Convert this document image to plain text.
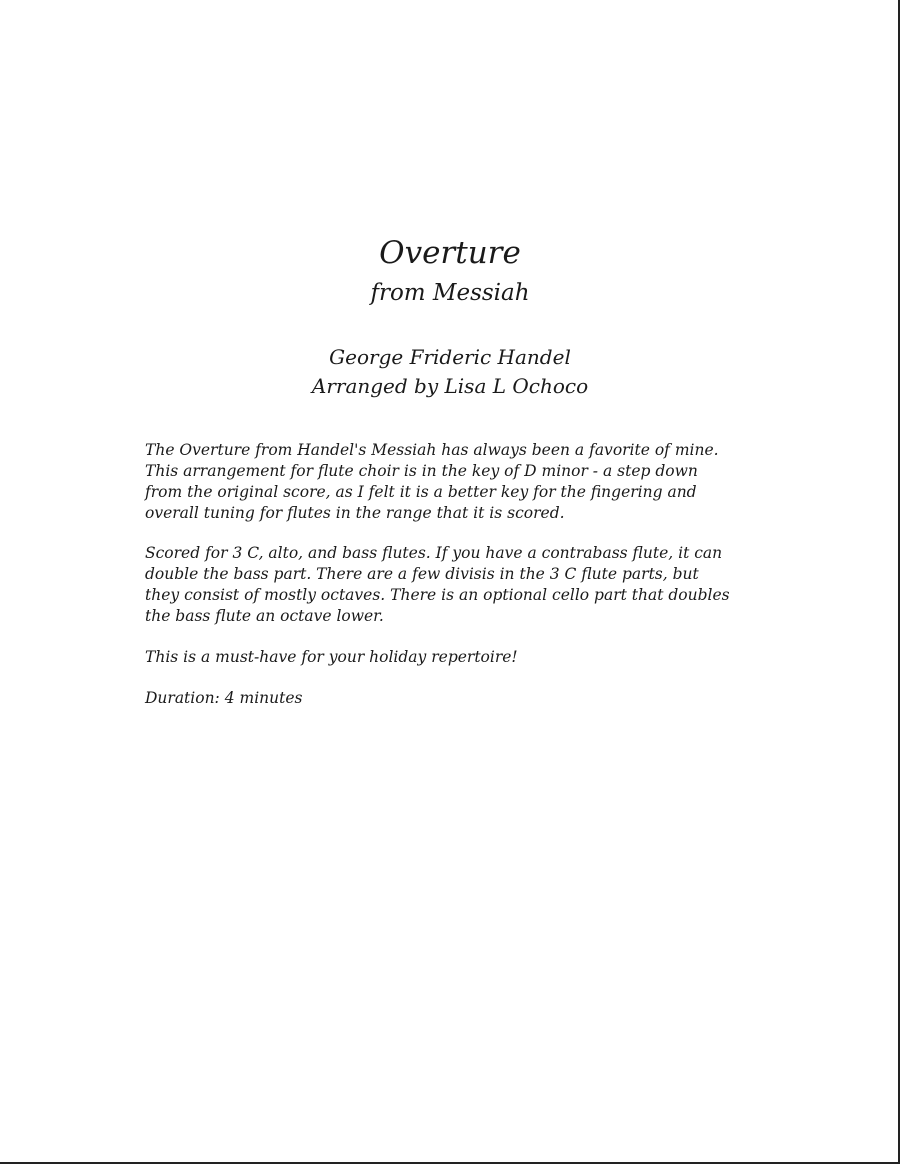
Overture
from Messiah
George Frideric Handel
Arranged by Lisa L Ochoco

The Overture from Handel's Messiah has always been a favorite of mine.
This arrangement for flute choir is in the key of D minor - a step down
from the original score, as I felt it is a better key for the fingering and
overall tuning for flutes in the range that it is scored.

Scored for 3 C, alto, and bass flutes. If you have a contrabass flute, it can
double the bass part. There are a few divisis in the 3 C flute parts, but
they consist of mostly octaves. There is an optional cello part that doubles
the bass flute an octave lower.

This is a must-have for your holiday repertoire!

Duration: 4 minutes
